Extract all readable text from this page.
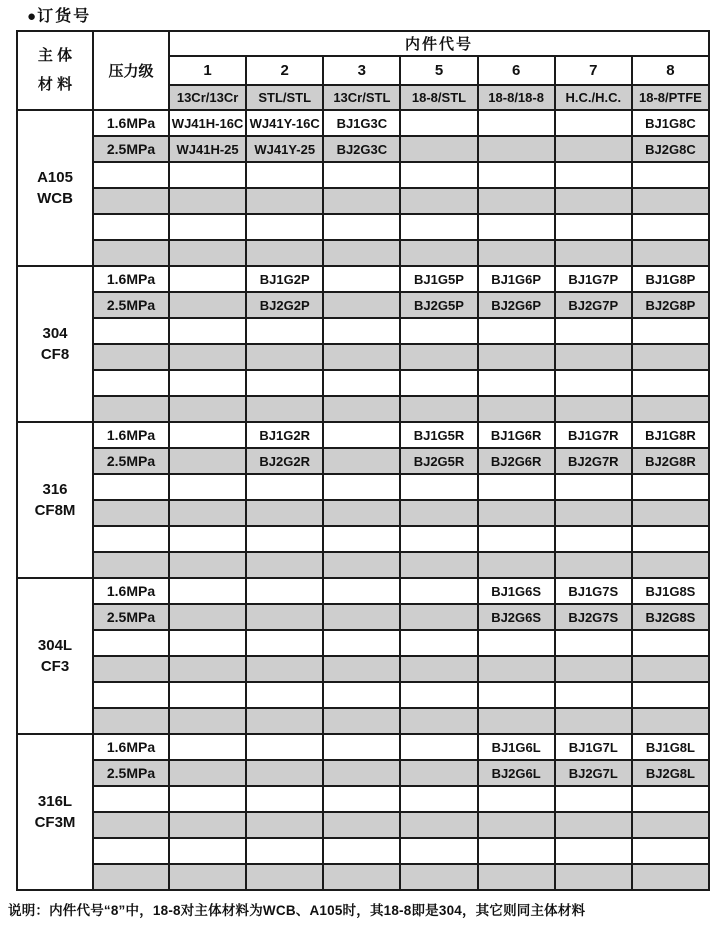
● 订货号
主 体
材 料	压力级	内件代号						
		1	2	3	5	6	7	8
		13Cr/13Cr	STL/STL	13Cr/STL	18-8/STL	18-8/18-8	H.C./H.C.	18-8/PTFE

A105
WCB	1.6MPa	WJ41H-16C	WJ41Y-16C	BJ1G3C				BJ1G8C
	2.5MPa	WJ41H-25	WJ41Y-25	BJ2G3C				BJ2G8C

304
CF8	1.6MPa		BJ1G2P		BJ1G5P	BJ1G6P	BJ1G7P	BJ1G8P
	2.5MPa		BJ2G2P		BJ2G5P	BJ2G6P	BJ2G7P	BJ2G8P

316
CF8M	1.6MPa		BJ1G2R		BJ1G5R	BJ1G6R	BJ1G7R	BJ1G8R
	2.5MPa		BJ2G2R		BJ2G5R	BJ2G6R	BJ2G7R	BJ2G8R

304L
CF3	1.6MPa					BJ1G6S	BJ1G7S	BJ1G8S
	2.5MPa					BJ2G6S	BJ2G7S	BJ2G8S

316L
CF3M	1.6MPa					BJ1G6L	BJ1G7L	BJ1G8L
	2.5MPa					BJ2G6L	BJ2G7L	BJ2G8L

说明：内件代号“8”中，18-8对主体材料为WCB、A105时，其18-8即是304，其它则同主体材料
